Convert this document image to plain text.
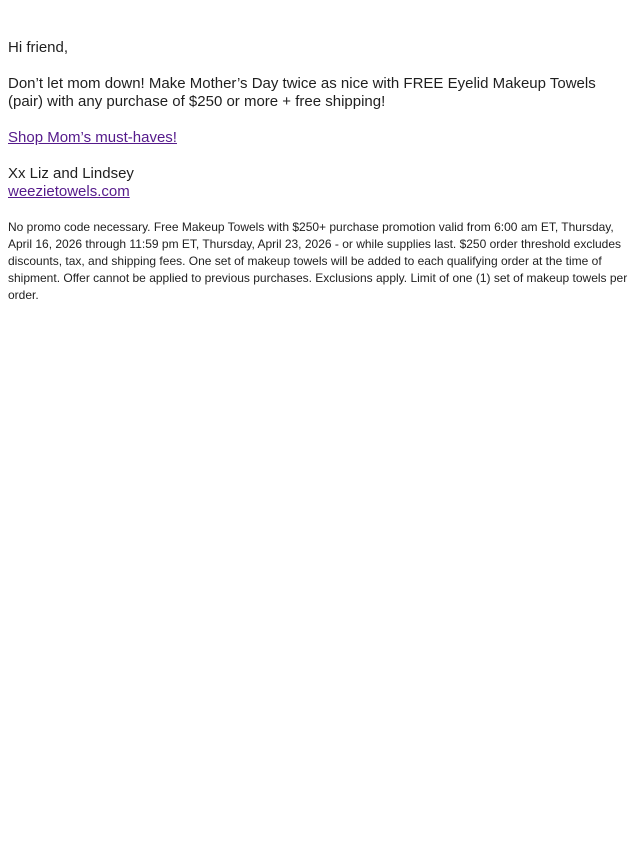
Hi friend,

Don’t let mom down! Make Mother’s Day twice as nice with FREE Eyelid Makeup Towels (pair) with any purchase of $250 or more + free shipping!

Shop Mom’s must-haves!

Xx Liz and Lindsey
weezietowels.com

No promo code necessary. Free Makeup Towels with $250+ purchase promotion valid from 6:00 am ET, Thursday, April 16, 2026 through 11:59 pm ET, Thursday, April 23, 2026 - or while supplies last. $250 order threshold excludes discounts, tax, and shipping fees. One set of makeup towels will be added to each qualifying order at the time of shipment. Offer cannot be applied to previous purchases. Exclusions apply. Limit of one (1) set of makeup towels per order.
